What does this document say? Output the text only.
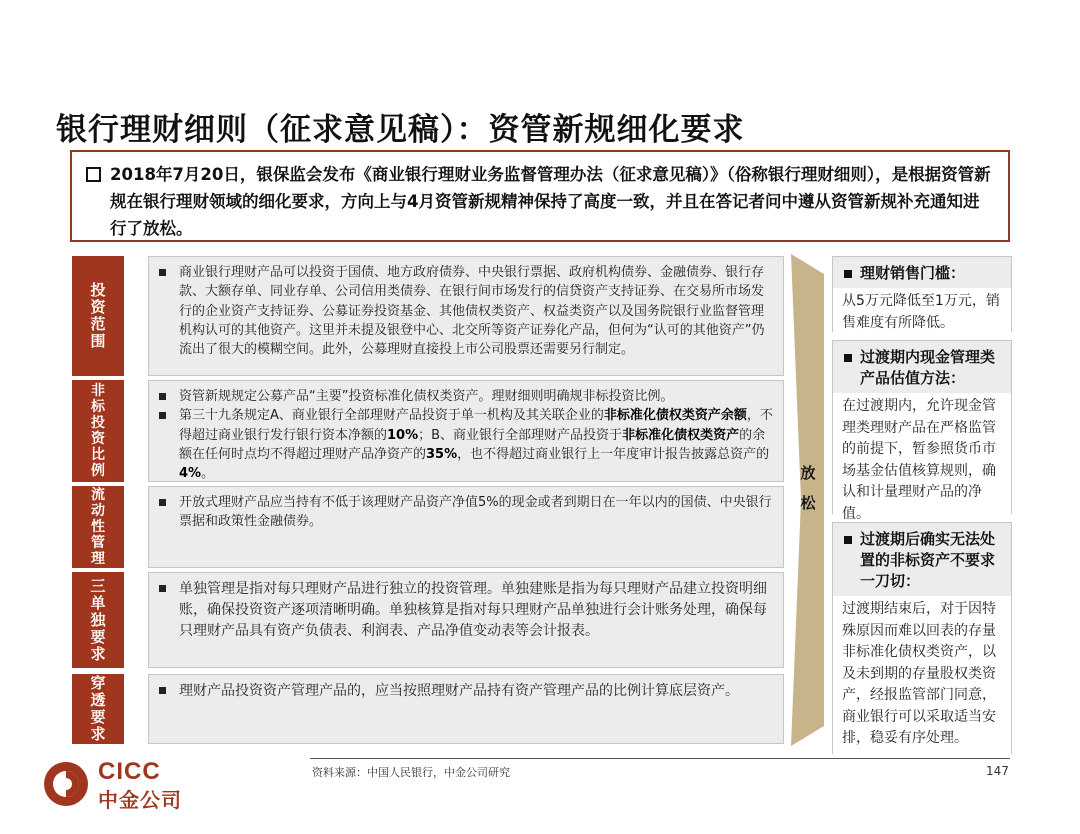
银行理财细则（征求意见稿）：资管新规细化要求
2018年7月20日，银保监会发布《商业银行理财业务监督管理办法（征求意见稿）》（俗称银行理财细则），是根据资管新规在银行理财领域的细化要求，方向上与4月资管新规精神保持了高度一致，并且在答记者问中遵从资管新规补充通知进行了放松。
投
资
范
围

商业银行理财产品可以投资于国债、地方政府债券、中央银行票据、政府机构债券、金融债券、银行存款、大额存单、同业存单、公司信用类债券、在银行间市场发行的信贷资产支持证券、在交易所市场发行的企业资产支持证券、公募证券投资基金、其他债权类资产、权益类资产以及国务院银行业监督管理机构认可的其他资产。这里并未提及银登中心、北交所等资产证券化产品，但何为“认可的其他资产”仍流出了很大的模糊空间。此外，公募理财直接投上市公司股票还需要另行制定。

非
标
投
资
比
例

资管新规规定公募产品“主要”投资标准化债权类资产。理财细则明确规非标投资比例。

第三十九条规定A、商业银行全部理财产品投资于单一机构及其关联企业的非标准化债权类资产余额，不得超过商业银行发行银行资本净额的10%；B、商业银行全部理财产品投资于非标准化债权类资产的余额在任何时点均不得超过理财产品净资产的35%，也不得超过商业银行上一年度审计报告披露总资产的4%。

流
动
性
管
理

开放式理财产品应当持有不低于该理财产品资产净值5%的现金或者到期日在一年以内的国债、中央银行票据和政策性金融债券。

三
单
独
要
求

单独管理是指对每只理财产品进行独立的投资管理。单独建账是指为每只理财产品建立投资明细账，确保投资资产逐项清晰明确。单独核算是指对每只理财产品单独进行会计账务处理，确保每只理财产品具有资产负债表、利润表、产品净值变动表等会计报表。

穿
透
要
求

理财产品投资资产管理产品的，应当按照理财产品持有资产管理产品的比例计算底层资产。

放
松
理财销售门槛：
从5万元降低至1万元，销售难度有所降低。
过渡期内现金管理类产品估值方法：
在过渡期内，允许现金管理类理财产品在严格监管的前提下，暂参照货币市场基金估值核算规则，确认和计量理财产品的净值。
过渡期后确实无法处置的非标资产不要求一刀切：
过渡期结束后，对于因特殊原因而难以回表的存量非标准化债权类资产，以及未到期的存量股权类资产，经报监管部门同意，商业银行可以采取适当安排，稳妥有序处理。
CICC
中金公司
资料来源：中国人民银行，中金公司研究	147
